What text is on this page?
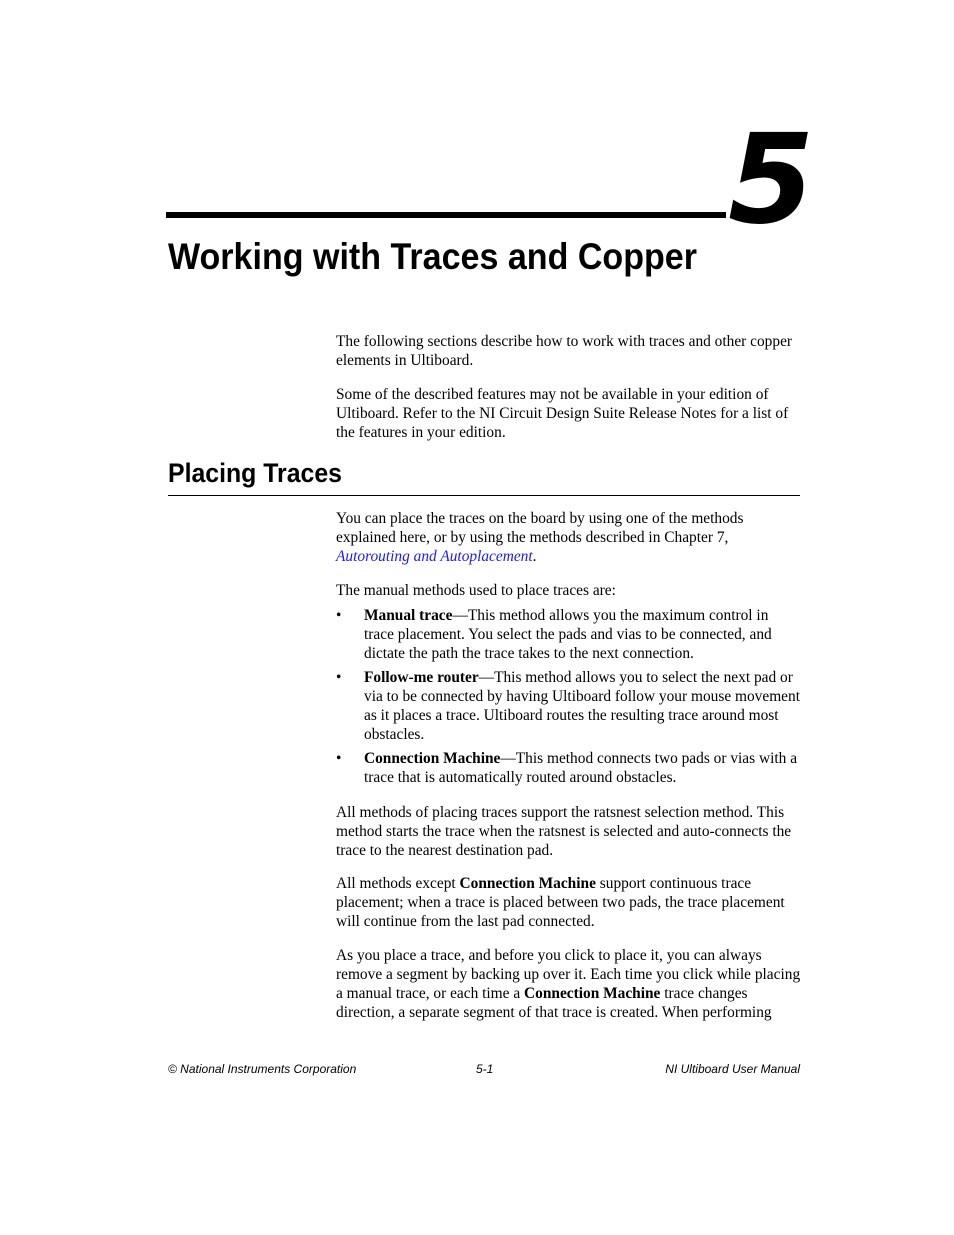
5
Working with Traces and Copper

The following sections describe how to work with traces and other copper elements in Ultiboard.

Some of the described features may not be available in your edition of Ultiboard. Refer to the NI Circuit Design Suite Release Notes for a list of the features in your edition.

Placing Traces

You can place the traces on the board by using one of the methods explained here, or by using the methods described in Chapter 7, Autorouting and Autoplacement.

The manual methods used to place traces are:

• Manual trace—This method allows you the maximum control in trace placement. You select the pads and vias to be connected, and dictate the path the trace takes to the next connection.
• Follow-me router—This method allows you to select the next pad or via to be connected by having Ultiboard follow your mouse movement as it places a trace. Ultiboard routes the resulting trace around most obstacles.
• Connection Machine—This method connects two pads or vias with a trace that is automatically routed around obstacles.

All methods of placing traces support the ratsnest selection method. This method starts the trace when the ratsnest is selected and auto-connects the trace to the nearest destination pad.

All methods except Connection Machine support continuous trace placement; when a trace is placed between two pads, the trace placement will continue from the last pad connected.

As you place a trace, and before you click to place it, you can always remove a segment by backing up over it. Each time you click while placing a manual trace, or each time a Connection Machine trace changes direction, a separate segment of that trace is created. When performing

© National Instruments Corporation	5-1	NI Ultiboard User Manual
